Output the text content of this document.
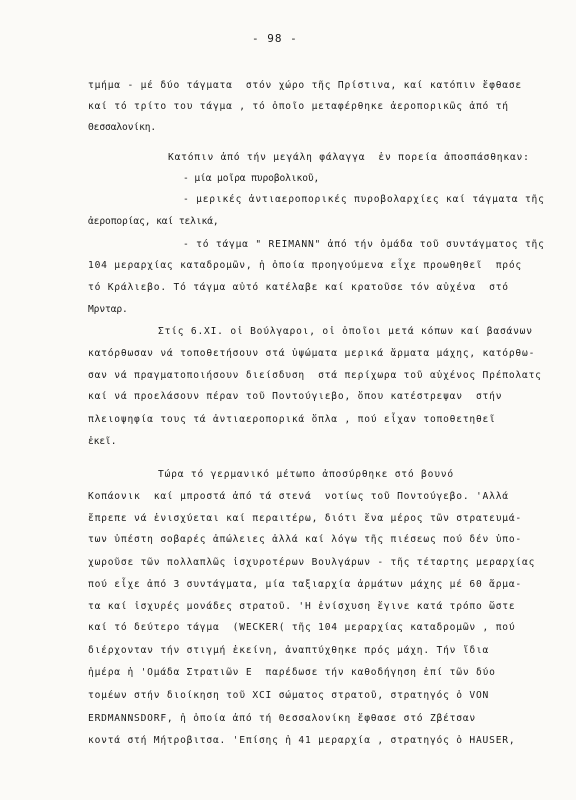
- 98 -
τμήμα - μέ δύο τάγματα  στόν χώρο τῆς Πρίστινα, καί κατόπιν ἔφθασε
καί τό τρίτο του τάγμα , τό ὁποῖο μεταφέρθηκε ἀεροπορικῶς ἀπό τή
Θεσσαλονίκη.
Κατόπιν ἀπό τήν μεγάλη φάλαγγα  ἐν πορεία ἀποσπάσθηκαν:
- μία μοῖρα πυροβολικοῦ,
- μερικές ἀντιαεροπορικές πυροβολαρχίες καί τάγματα τῆς
ἀεροπορίας, καί τελικά,
- τό τάγμα " REIMANN" ἀπό τήν ὁμάδα τοῦ συντάγματος τῆς
104 μεραρχίας καταδρομῶν, ἡ ὁποία προηγούμενα εἶχε προωθηθεῖ  πρός
τό Κράλιεβο. Τό τάγμα αὐτό κατέλαβε καί κρατοῦσε τόν αὐχένα  στό
Μρνταρ.
Στίς 6.XI. οἱ Βούλγαροι, οἱ ὁποῖοι μετά κόπων καί βασάνων
κατόρθωσαν νά τοποθετήσουν στά ὑψώματα μερικά ἅρματα μάχης, κατόρθω-
σαν νά πραγματοποιήσουν διείσδυση  στά περίχωρα τοῦ αὐχένος Πρέπολατς
καί νά προελάσουν πέραν τοῦ Ποντούγιεβο, ὅπου κατέστρεψαν  στήν
πλειοψηφία τους τά ἀντιαεροπορικά ὅπλα , πού εἶχαν τοποθετηθεῖ
ἐκεῖ.
Τώρα τό γερμανικό μέτωπο ἀποσύρθηκε στό βουνό
Κοπάονικ  καί μπροστά ἀπό τά στενά  νοτίως τοῦ Ποντούγεβο. 'Αλλά
ἔπρεπε νά ἐνισχύεται καί περαιτέρω, διότι ἕνα μέρος τῶν στρατευμά-
των ὑπέστη σοβαρές ἀπώλειες ἀλλά καί λόγω τῆς πιέσεως πού δέν ὑπο-
χωροῦσε τῶν πολλαπλῶς ἰσχυροτέρων Βουλγάρων - τῆς τέταρτης μεραρχίας
πού εἶχε ἀπό 3 συντάγματα, μία ταξιαρχία ἁρμάτων μάχης μέ 60 ἅρμα-
τα καί ἰσχυρές μονάδες στρατοῦ. 'Η ἐνίσχυση ἔγινε κατά τρόπο ὥστε
καί τό δεύτερο τάγμα  (WECKER( τῆς 104 μεραρχίας καταδρομῶν , πού
διέρχονταν τήν στιγμή ἐκείνη, ἀναπτύχθηκε πρός μάχη. Τήν ἴδια
ἡμέρα ἡ 'Ομάδα Στρατιῶν Ε  παρέδωσε τήν καθοδήγηση ἐπί τῶν δύο
τομέων στήν διοίκηση τοῦ XCI σώματος στρατοῦ, στρατηγός ὁ VON
ERDMANNSDORF, ἡ ὁποία ἀπό τή Θεσσαλονίκη ἔφθασε στό Ζβέτσαν
κοντά στή Μήτροβιτσα. 'Επίσης ἡ 41 μεραρχία , στρατηγός ὁ HAUSER,
